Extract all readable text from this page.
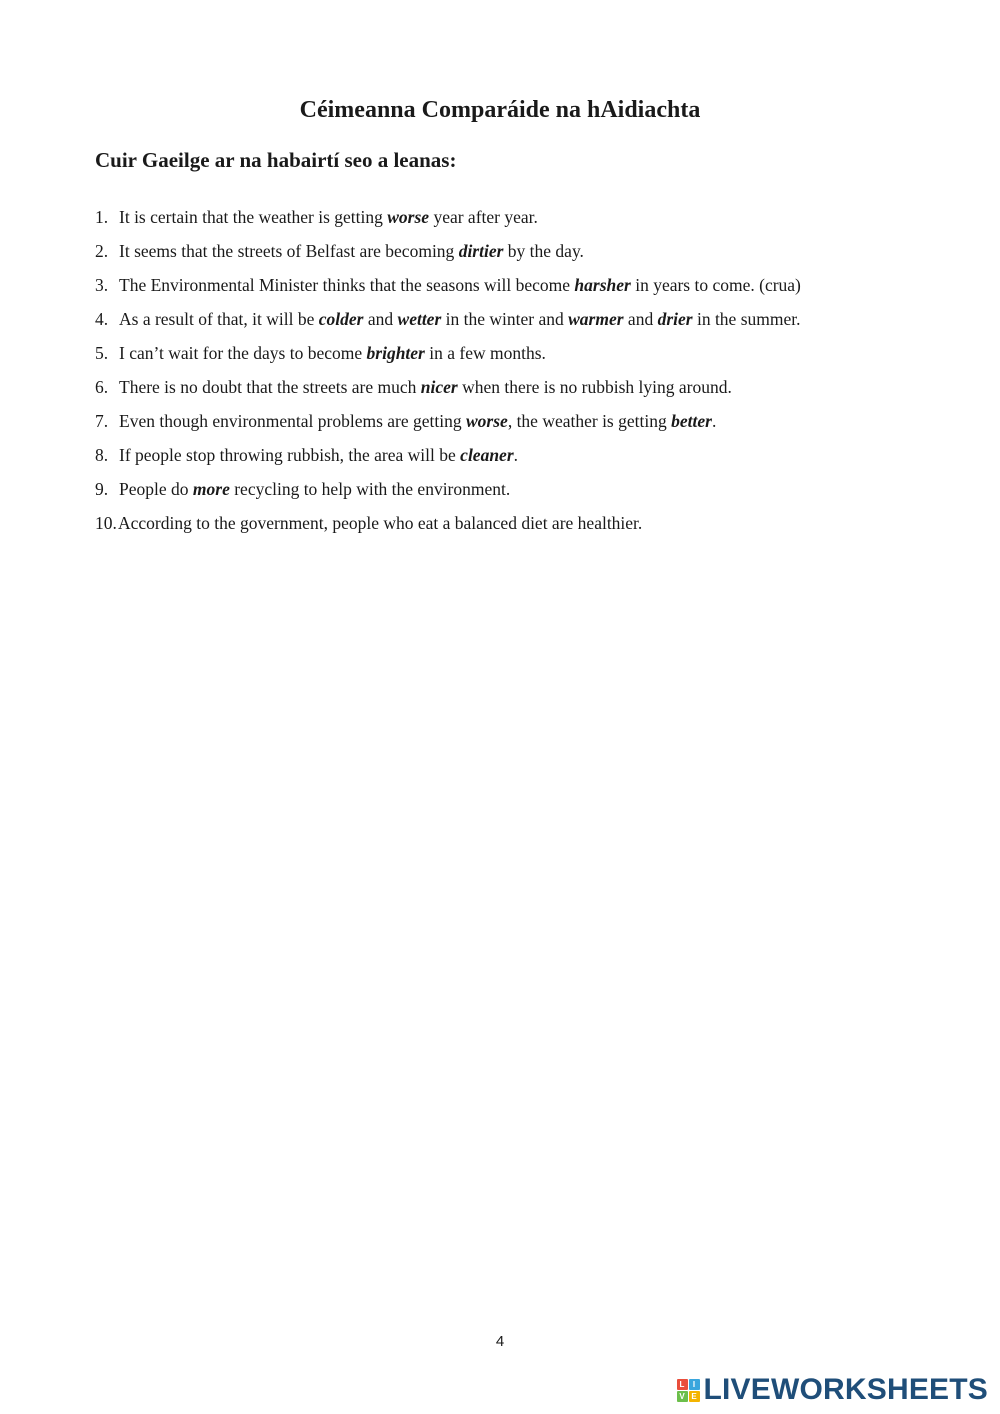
Céimeanna Comparáide na hAidiachta
Cuir Gaeilge ar na habairtí seo a leanas:
1. It is certain that the weather is getting worse year after year.
2. It seems that the streets of Belfast are becoming dirtier by the day.
3. The Environmental Minister thinks that the seasons will become harsher in years to come. (crua)
4. As a result of that, it will be colder and wetter in the winter and warmer and drier in the summer.
5. I can’t wait for the days to become brighter in a few months.
6. There is no doubt that the streets are much nicer when there is no rubbish lying around.
7. Even though environmental problems are getting worse, the weather is getting better.
8. If people stop throwing rubbish, the area will be cleaner.
9. People do more recycling to help with the environment.
10. According to the government, people who eat a balanced diet are healthier.

4

L	I
V E LIVEWORKSHEETS
